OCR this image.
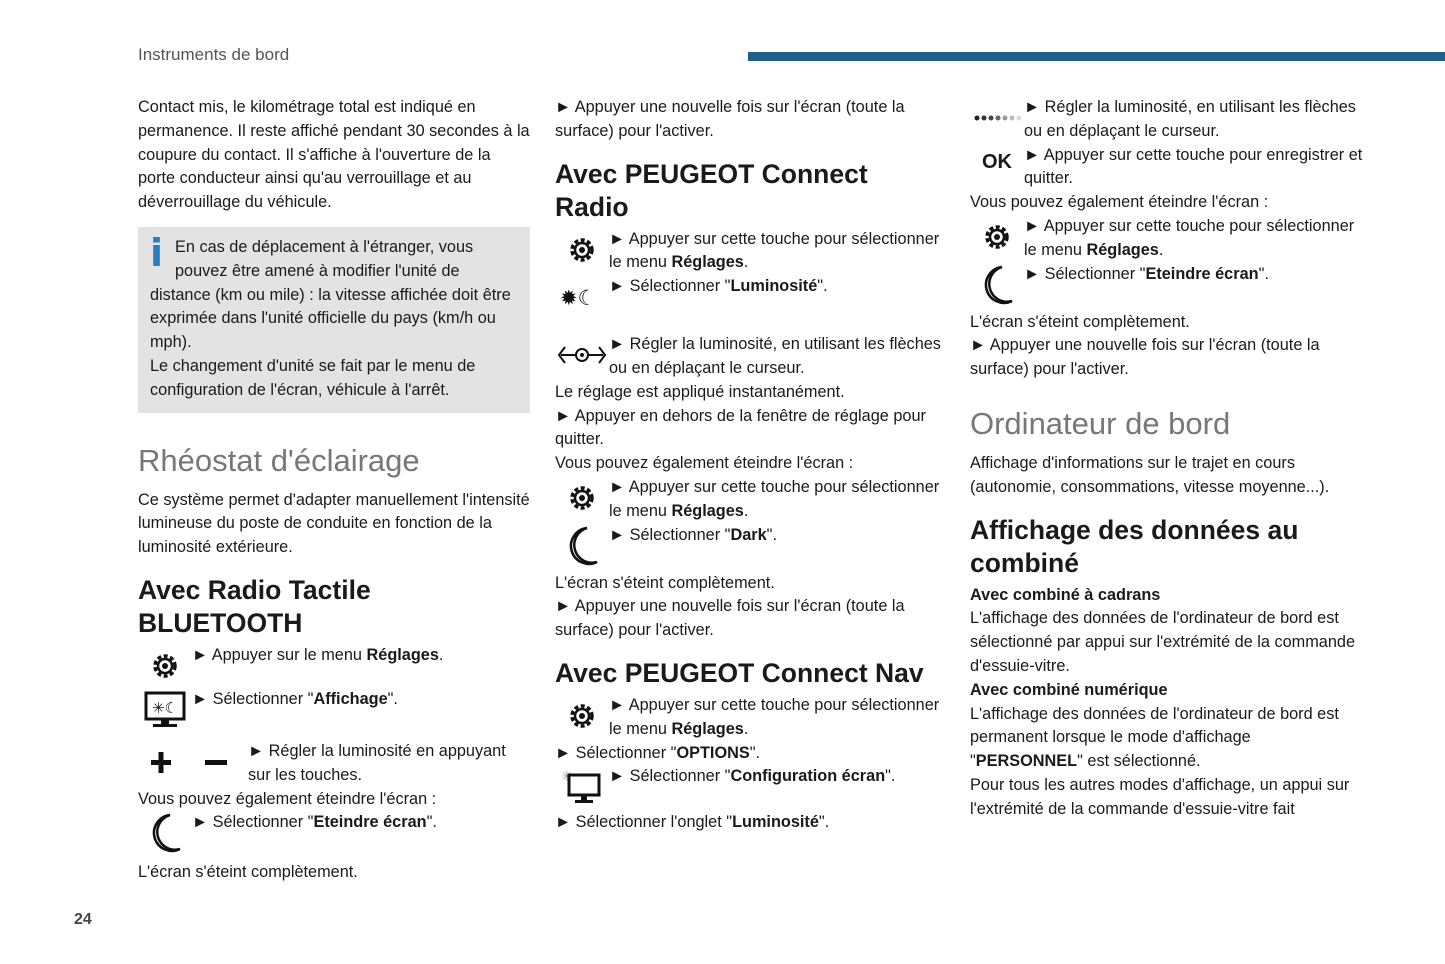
Instruments de bord

Contact mis, le kilométrage total est indiqué en permanence. Il reste affiché pendant 30 secondes à la coupure du contact. Il s'affiche à l'ouverture de la porte conducteur ainsi qu'au verrouillage et au déverrouillage du véhicule.

i En cas de déplacement à l'étranger, vous pouvez être amené à modifier l'unité de distance (km ou mile) : la vitesse affichée doit être exprimée dans l'unité officielle du pays (km/h ou mph).

Le changement d'unité se fait par le menu de configuration de l'écran, véhicule à l'arrêt.

Rhéostat d'éclairage

Ce système permet d'adapter manuellement l'intensité lumineuse du poste de conduite en fonction de la luminosité extérieure.

Avec Radio Tactile BLUETOOTH

► Appuyer sur le menu Réglages.

✳☾ ► Sélectionner "Affichage".

► Régler la luminosité en appuyant sur les touches.

Vous pouvez également éteindre l'écran :

► Sélectionner "Eteindre écran".

L'écran s'éteint complètement.

► Appuyer une nouvelle fois sur l'écran (toute la surface) pour l'activer.

Avec PEUGEOT Connect Radio

► Appuyer sur cette touche pour sélectionner le menu Réglages.

✹☾ ► Sélectionner "Luminosité".

► Régler la luminosité, en utilisant les flèches ou en déplaçant le curseur.

Le réglage est appliqué instantanément.

► Appuyer en dehors de la fenêtre de réglage pour quitter.

Vous pouvez également éteindre l'écran :

► Appuyer sur cette touche pour sélectionner le menu Réglages.

► Sélectionner "Dark".

L'écran s'éteint complètement.

► Appuyer une nouvelle fois sur l'écran (toute la surface) pour l'activer.

Avec PEUGEOT Connect Nav

► Appuyer sur cette touche pour sélectionner le menu Réglages.

► Sélectionner "OPTIONS".

✳ ► Sélectionner "Configuration écran".

► Sélectionner l'onglet "Luminosité".

► Régler la luminosité, en utilisant les flèches ou en déplaçant le curseur.

OK ► Appuyer sur cette touche pour enregistrer et quitter.

Vous pouvez également éteindre l'écran :

► Appuyer sur cette touche pour sélectionner le menu Réglages.

► Sélectionner "Eteindre écran".

L'écran s'éteint complètement.

► Appuyer une nouvelle fois sur l'écran (toute la surface) pour l'activer.

Ordinateur de bord

Affichage d'informations sur le trajet en cours (autonomie, consommations, vitesse moyenne...).

Affichage des données au combiné
Avec combiné à cadrans

L'affichage des données de l'ordinateur de bord est sélectionné par appui sur l'extrémité de la commande d'essuie-vitre.

Avec combiné numérique

L'affichage des données de l'ordinateur de bord est permanent lorsque le mode d'affichage "PERSONNEL" est sélectionné.

Pour tous les autres modes d'affichage, un appui sur l'extrémité de la commande d'essuie-vitre fait

24
